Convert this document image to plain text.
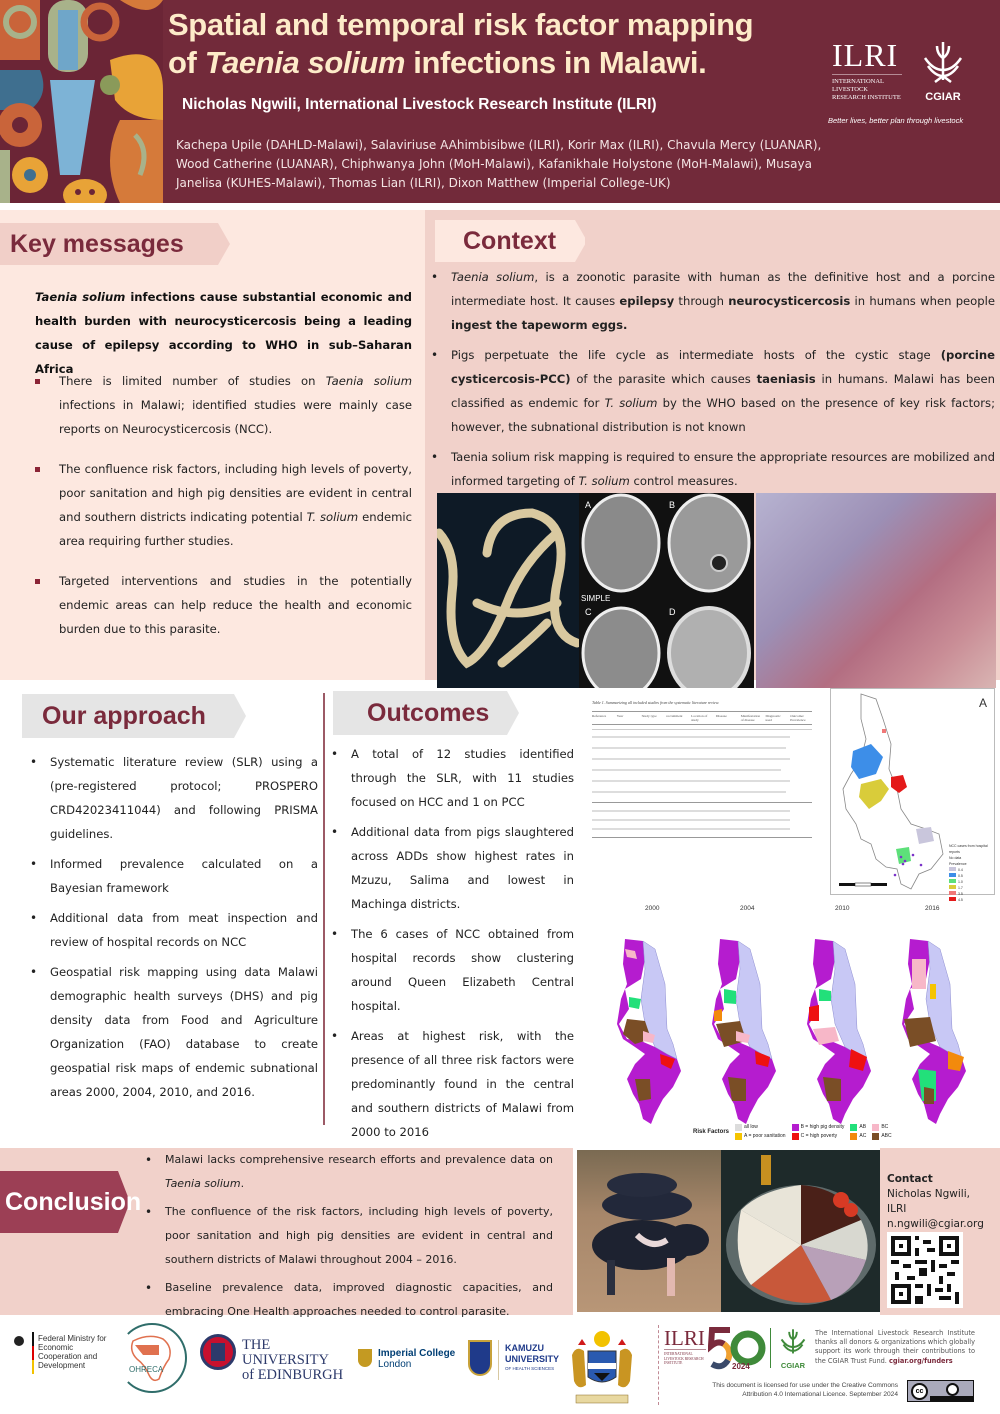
Spatial and temporal risk factor mapping
of Taenia solium infections in Malawi.
Nicholas Ngwili, International Livestock Research Institute (ILRI)
Kachepa Upile (DAHLD-Malawi), Salaviriuse AAhimbisibwe (ILRI), Korir Max (ILRI), Chavula Mercy (LUANAR), Wood Catherine (LUANAR), Chiphwanya John (MoH-Malawi), Kafanikhale Holystone (MoH-Malawi), Musaya Janelisa (KUHES-Malawi), Thomas Lian (ILRI), Dixon Matthew (Imperial College-UK)
ILRI
INTERNATIONAL LIVESTOCK RESEARCH INSTITUTE	CGIAR
Better lives, better plan through livestock
Key messages
Taenia solium infections cause substantial economic and health burden with neurocysticercosis being a leading cause of epilepsy according to WHO in sub–Saharan Africa
There is limited number of studies on Taenia solium infections in Malawi; identified studies were mainly case reports on Neurocysticercosis (NCC).
The confluence risk factors, including high levels of poverty, poor sanitation and high pig densities are evident in central and southern districts indicating potential T. solium endemic area requiring further studies.
Targeted interventions and studies in the potentially endemic areas can help reduce the health and economic burden due to this parasite.
Context
• Taenia solium, is a zoonotic parasite with human as the definitive host and a porcine intermediate host. It causes epilepsy through neurocysticercosis in humans when people ingest the tapeworm eggs.
• Pigs perpetuate the life cycle as intermediate hosts of the cystic stage (porcine cysticercosis-PCC) of the parasite which causes taeniasis in humans. Malawi has been classified as endemic for T. solium by the WHO based on the presence of key risk factors; however, the subnational distribution is not known
• Taenia solium risk mapping is required to ensure the appropriate resources are mobilized and informed targeting of T. solium control measures.
A	B
C	D
SIMPLE
Our approach
• Systematic literature review (SLR) using a (pre-registered protocol; PROSPERO CRD42023411044) and following PRISMA guidelines.
• Informed prevalence calculated on a Bayesian framework
• Additional data from meat inspection and review of hospital records on NCC
• Geospatial risk mapping using data Malawi demographic health surveys (DHS) and pig density data from Food and Agriculture Organization (FAO) database to create geospatial risk maps of endemic subnational areas 2000, 2004, 2010, and 2016.
Outcomes
• A total of 12 studies identified through the SLR, with 11 studies focused on HCC and 1 on PCC
• Additional data from pigs slaughtered across ADDs show highest rates in Mzuzu, Salima and lowest in Machinga districts.
• The 6 cases of NCC obtained from hospital records show clustering around Queen Elizabeth Central hospital.
• Areas at highest risk, with the presence of all three risk factors were predominantly found in the central and southern districts of Malawi from 2000 to 2016
Table 1. Summarizing all included studies from the systematic literature review.
Reference	Year	Study type	recruitment	Location of study
Disease	Manifestation of disease
Diagnostic used
Outcome/ Prevalence
A
NCC cases from hospital reports
No data
Prevalence
0.4
0.5
1.0
1.7
3.5
4.5
2000	2004	2010	2016
Risk Factors
all low
A = poor sanitation
B = high pig density
C = high poverty
AB
AC
BC
ABC
Conclusion
• Malawi lacks comprehensive research efforts and prevalence data on Taenia solium.
• The confluence of the risk factors, including high levels of poverty, poor sanitation and high pig densities are evident in central and southern districts of Malawi throughout 2004 – 2016.
• Baseline prevalence data, improved diagnostic capacities, and embracing One Health approaches needed to control parasite.
Contact
Nicholas Ngwili,
ILRI
n.ngwili@cgiar.org
Federal Ministry for Economic Cooperation and Development	OHRECA
THE UNIVERSITY
of EDINBURGH
Imperial College
London
KAMUZU
UNIVERSITY
OF HEALTH SCIENCES
ILRI
INTERNATIONAL LIVESTOCK RESEARCH INSTITUTE	2024	CGIAR
The International Livestock Research Institute thanks all donors & organizations which globally support its work through their contributions to the CGIAR Trust Fund. cgiar.org/funders
This document is licensed for use under the Creative Commons Attribution 4.0 International Licence. September 2024	cc
